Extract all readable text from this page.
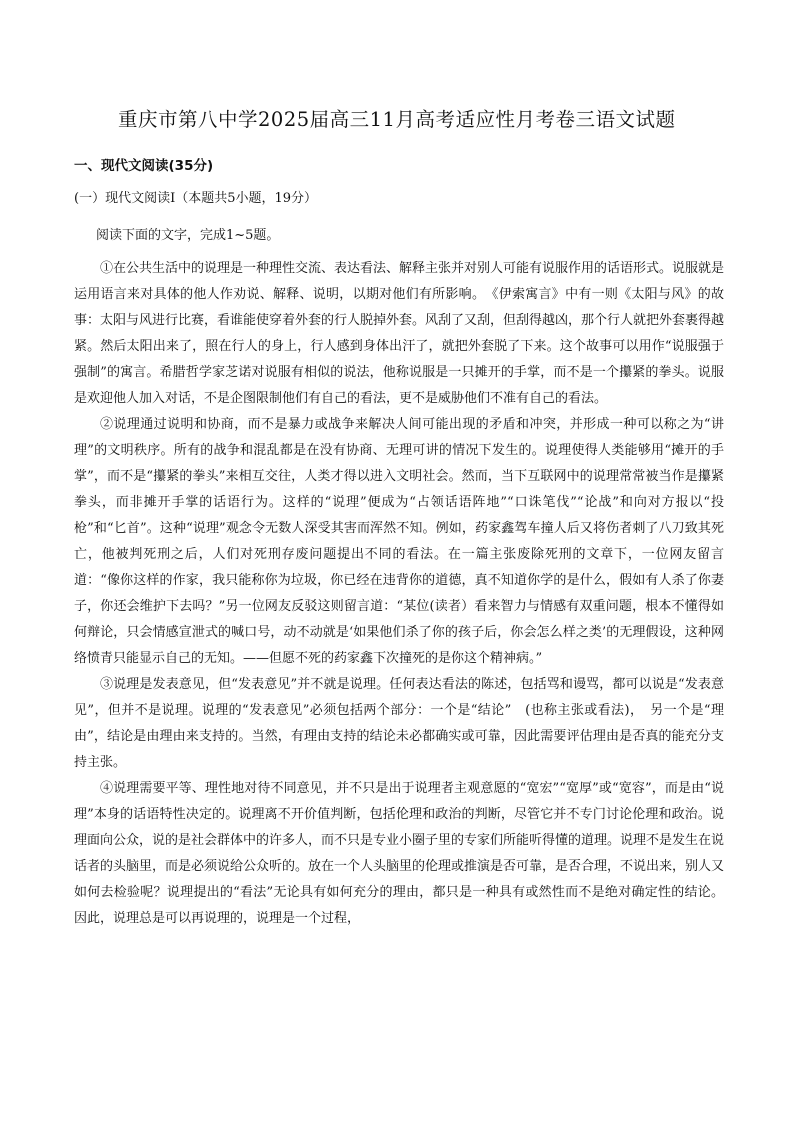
重庆市第八中学2025届高三11月高考适应性月考卷三语文试题
一、现代文阅读(35分)
(一）现代文阅读Ⅰ（本题共5小题，19分）
阅读下面的文字，完成1~5题。

①在公共生活中的说理是一种理性交流、表达看法、解释主张并对别人可能有说服作用的话语形式。说服就是运用语言来对具体的他人作劝说、解释、说明，以期对他们有所影响。　《伊索寓言》中有一则《太阳与风》的故事：太阳与风进行比赛，看谁能使穿着外套的行人脱掉外套。风刮了又刮，但刮得越凶，那个行人就把外套裹得越紧。然后太阳出来了，照在行人的身上，行人感到身体出汗了，就把外套脱了下来。这个故事可以用作“说服强于强制”的寓言。希腊哲学家芝诺对说服有相似的说法，他称说服是一只摊开的手掌，而不是一个攥紧的拳头。说服是欢迎他人加入对话，不是企图限制他们有自己的看法，更不是威胁他们不准有自己的看法。

②说理通过说明和协商，而不是暴力或战争来解决人间可能出现的矛盾和冲突，并形成一种可以称之为“讲理”的文明秩序。所有的战争和混乱都是在没有协商、无理可讲的情况下发生的。说理使得人类能够用“摊开的手掌”，而不是“攥紧的拳头”来相互交往，人类才得以进入文明社会。然而，当下互联网中的说理常常被当作是攥紧拳头，而非摊开手掌的话语行为。这样的“说理”便成为“占领话语阵地”“口诛笔伐”“论战”和向对方报以“投枪”和“匕首”。这种“说理”观念令无数人深受其害而浑然不知。例如，药家鑫驾车撞人后又将伤者刺了八刀致其死亡，他被判死刑之后，人们对死刑存废问题提出不同的看法。在一篇主张废除死刑的文章下，一位网友留言道：“像你这样的作家，我只能称你为垃圾，你已经在违背你的道德，真不知道你学的是什么，假如有人杀了你妻子，你还会维护下去吗？”另一位网友反驳这则留言道：“某位(读者）看来智力与情感有双重问题，根本不懂得如何辩论，只会情感宣泄式的喊口号，动不动就是‘如果他们杀了你的孩子后，你会怎么样之类’的无理假设，这种网络愤青只能显示自己的无知。——但愿不死的药家鑫下次撞死的是你这个精神病。”

③说理是发表意见，但“发表意见”并不就是说理。任何表达看法的陈述，包括骂和谩骂，都可以说是“发表意见”，但并不是说理。说理的“发表意见”必须包括两个部分：一个是“结论”　(也称主张或看法)，　另一个是“理由”，结论是由理由来支持的。当然，有理由支持的结论未必都确实或可靠，因此需要评估理由是否真的能充分支持主张。

④说理需要平等、理性地对待不同意见，并不只是出于说理者主观意愿的“宽宏”“宽厚”或“宽容”，而是由“说理”本身的话语特性决定的。说理离不开价值判断，包括伦理和政治的判断，尽管它并不专门讨论伦理和政治。说理面向公众，说的是社会群体中的许多人，而不只是专业小圈子里的专家们所能听得懂的道理。说理不是发生在说话者的头脑里，而是必须说给公众听的。放在一个人头脑里的伦理或推演是否可靠，是否合理，不说出来，别人又如何去检验呢？说理提出的“看法”无论具有如何充分的理由，都只是一种具有或然性而不是绝对确定性的结论。因此，说理总是可以再说理的，说理是一个过程，
